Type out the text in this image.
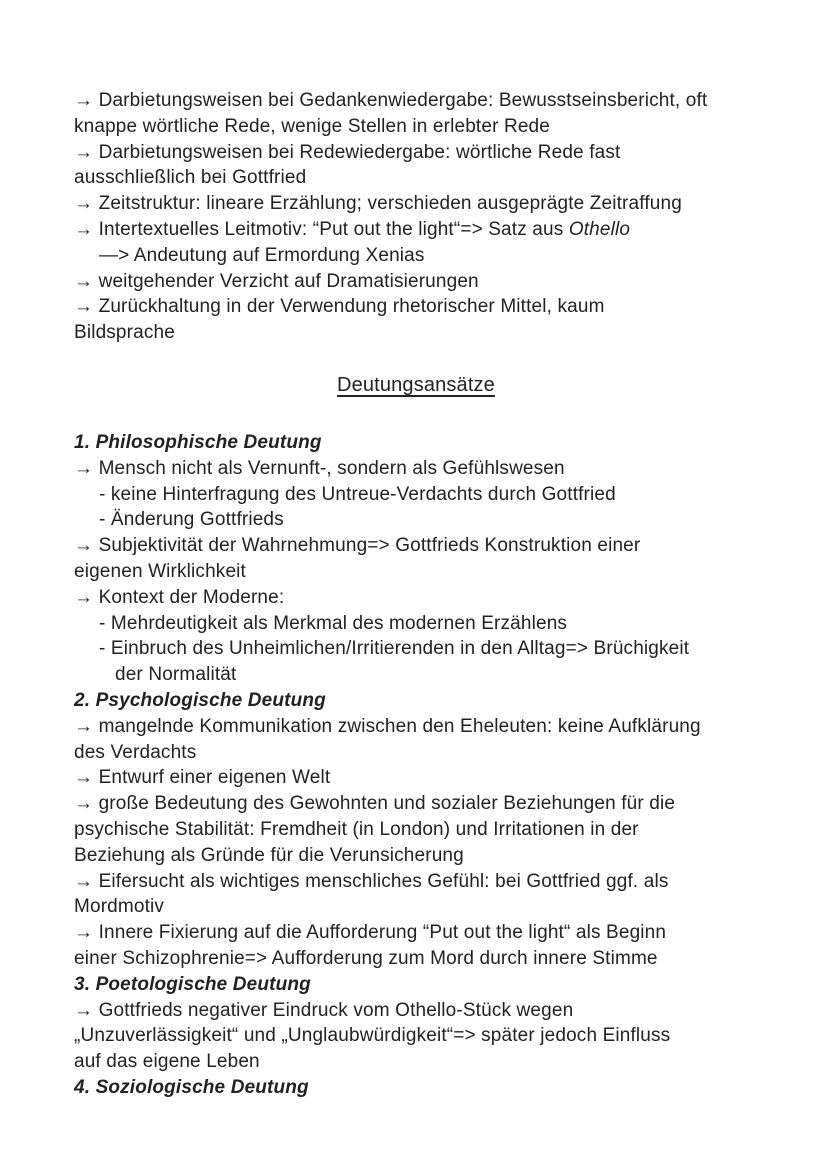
→ Darbietungsweisen bei Gedankenwiedergabe: Bewusstseinsbericht, oft
knappe wörtliche Rede, wenige Stellen in erlebter Rede
→ Darbietungsweisen bei Redewiedergabe: wörtliche Rede fast
ausschließlich bei Gottfried
→ Zeitstruktur: lineare Erzählung; verschieden ausgeprägte Zeitraffung
→ Intertextuelles Leitmotiv: “Put out the light“=> Satz aus Othello
—> Andeutung auf Ermordung Xenias
→ weitgehender Verzicht auf Dramatisierungen
→ Zurückhaltung in der Verwendung rhetorischer Mittel, kaum
Bildsprache
Deutungsansätze
1. Philosophische Deutung
→ Mensch nicht als Vernunft-, sondern als Gefühlswesen
- keine Hinterfragung des Untreue-Verdachts durch Gottfried
- Änderung Gottfrieds
→ Subjektivität der Wahrnehmung=> Gottfrieds Konstruktion einer
eigenen Wirklichkeit
→ Kontext der Moderne:
- Mehrdeutigkeit als Merkmal des modernen Erzählens
- Einbruch des Unheimlichen/Irritierenden in den Alltag=> Brüchigkeit
der Normalität
2. Psychologische Deutung
→ mangelnde Kommunikation zwischen den Eheleuten: keine Aufklärung
des Verdachts
→ Entwurf einer eigenen Welt
→ große Bedeutung des Gewohnten und sozialer Beziehungen für die
psychische Stabilität: Fremdheit (in London) und Irritationen in der
Beziehung als Gründe für die Verunsicherung
→ Eifersucht als wichtiges menschliches Gefühl: bei Gottfried ggf. als
Mordmotiv
→ Innere Fixierung auf die Aufforderung “Put out the light“ als Beginn
einer Schizophrenie=> Aufforderung zum Mord durch innere Stimme
3. Poetologische Deutung
→ Gottfrieds negativer Eindruck vom Othello-Stück wegen
„Unzuverlässigkeit“ und „Unglaubwürdigkeit“=> später jedoch Einfluss
auf das eigene Leben
4. Soziologische Deutung
